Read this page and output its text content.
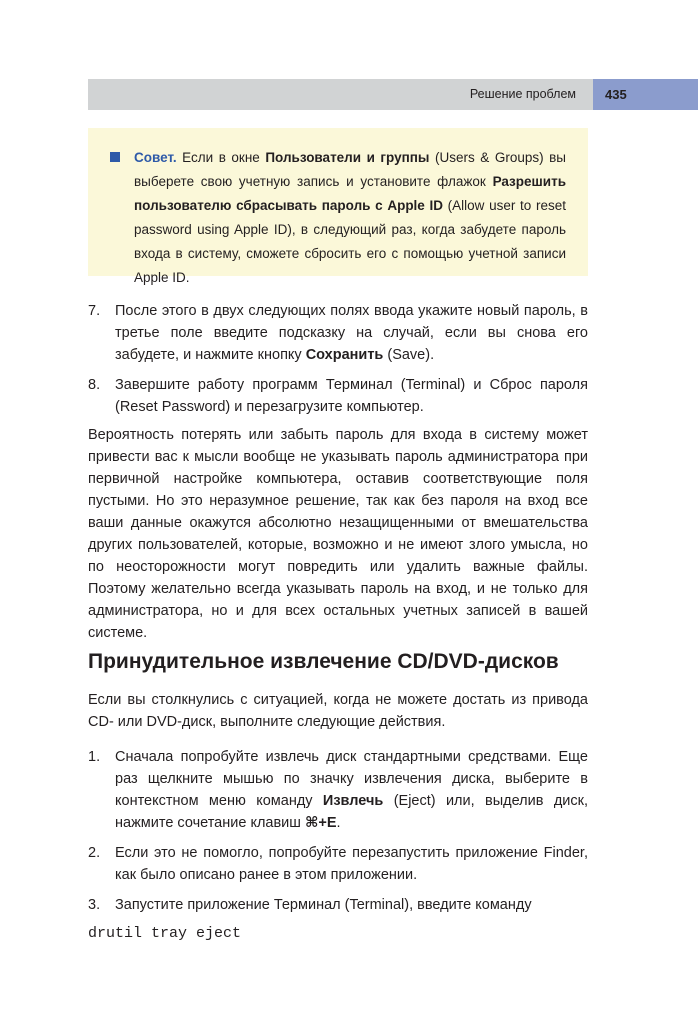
Решение проблем	435
Совет. Если в окне Пользователи и группы (Users & Groups) вы выберете свою учетную запись и установите флажок Разрешить пользователю сбрасывать пароль с Apple ID (Allow user to reset password using Apple ID), в следующий раз, когда забудете пароль входа в систему, сможете сбросить его с помощью учетной записи Apple ID.
7. После этого в двух следующих полях ввода укажите новый пароль, в третье поле введите подсказку на случай, если вы снова его забудете, и нажмите кнопку Сохранить (Save).
8. Завершите работу программ Терминал (Terminal) и Сброс пароля (Reset Password) и перезагрузите компьютер.
Вероятность потерять или забыть пароль для входа в систему может привести вас к мысли вообще не указывать пароль администратора при первичной настройке компьютера, оставив соответствующие поля пустыми. Но это неразумное решение, так как без пароля на вход все ваши данные окажутся абсолютно незащищенными от вмешательства других пользователей, которые, возможно и не имеют злого умысла, но по неосторожности могут повредить или удалить важные файлы. Поэтому желательно всегда указывать пароль на вход, и не только для администратора, но и для всех остальных учетных записей в вашей системе.
Принудительное извлечение CD/DVD-дисков
Если вы столкнулись с ситуацией, когда не можете достать из привода CD- или DVD-диск, выполните следующие действия.
1. Сначала попробуйте извлечь диск стандартными средствами. Еще раз щелкните мышью по значку извлечения диска, выберите в контекстном меню команду Извлечь (Eject) или, выделив диск, нажмите сочетание клавиш ⌘+E.
2. Если это не помогло, попробуйте перезапустить приложение Finder, как было описано ранее в этом приложении.
3. Запустите приложение Терминал (Terminal), введите команду
drutil tray eject
